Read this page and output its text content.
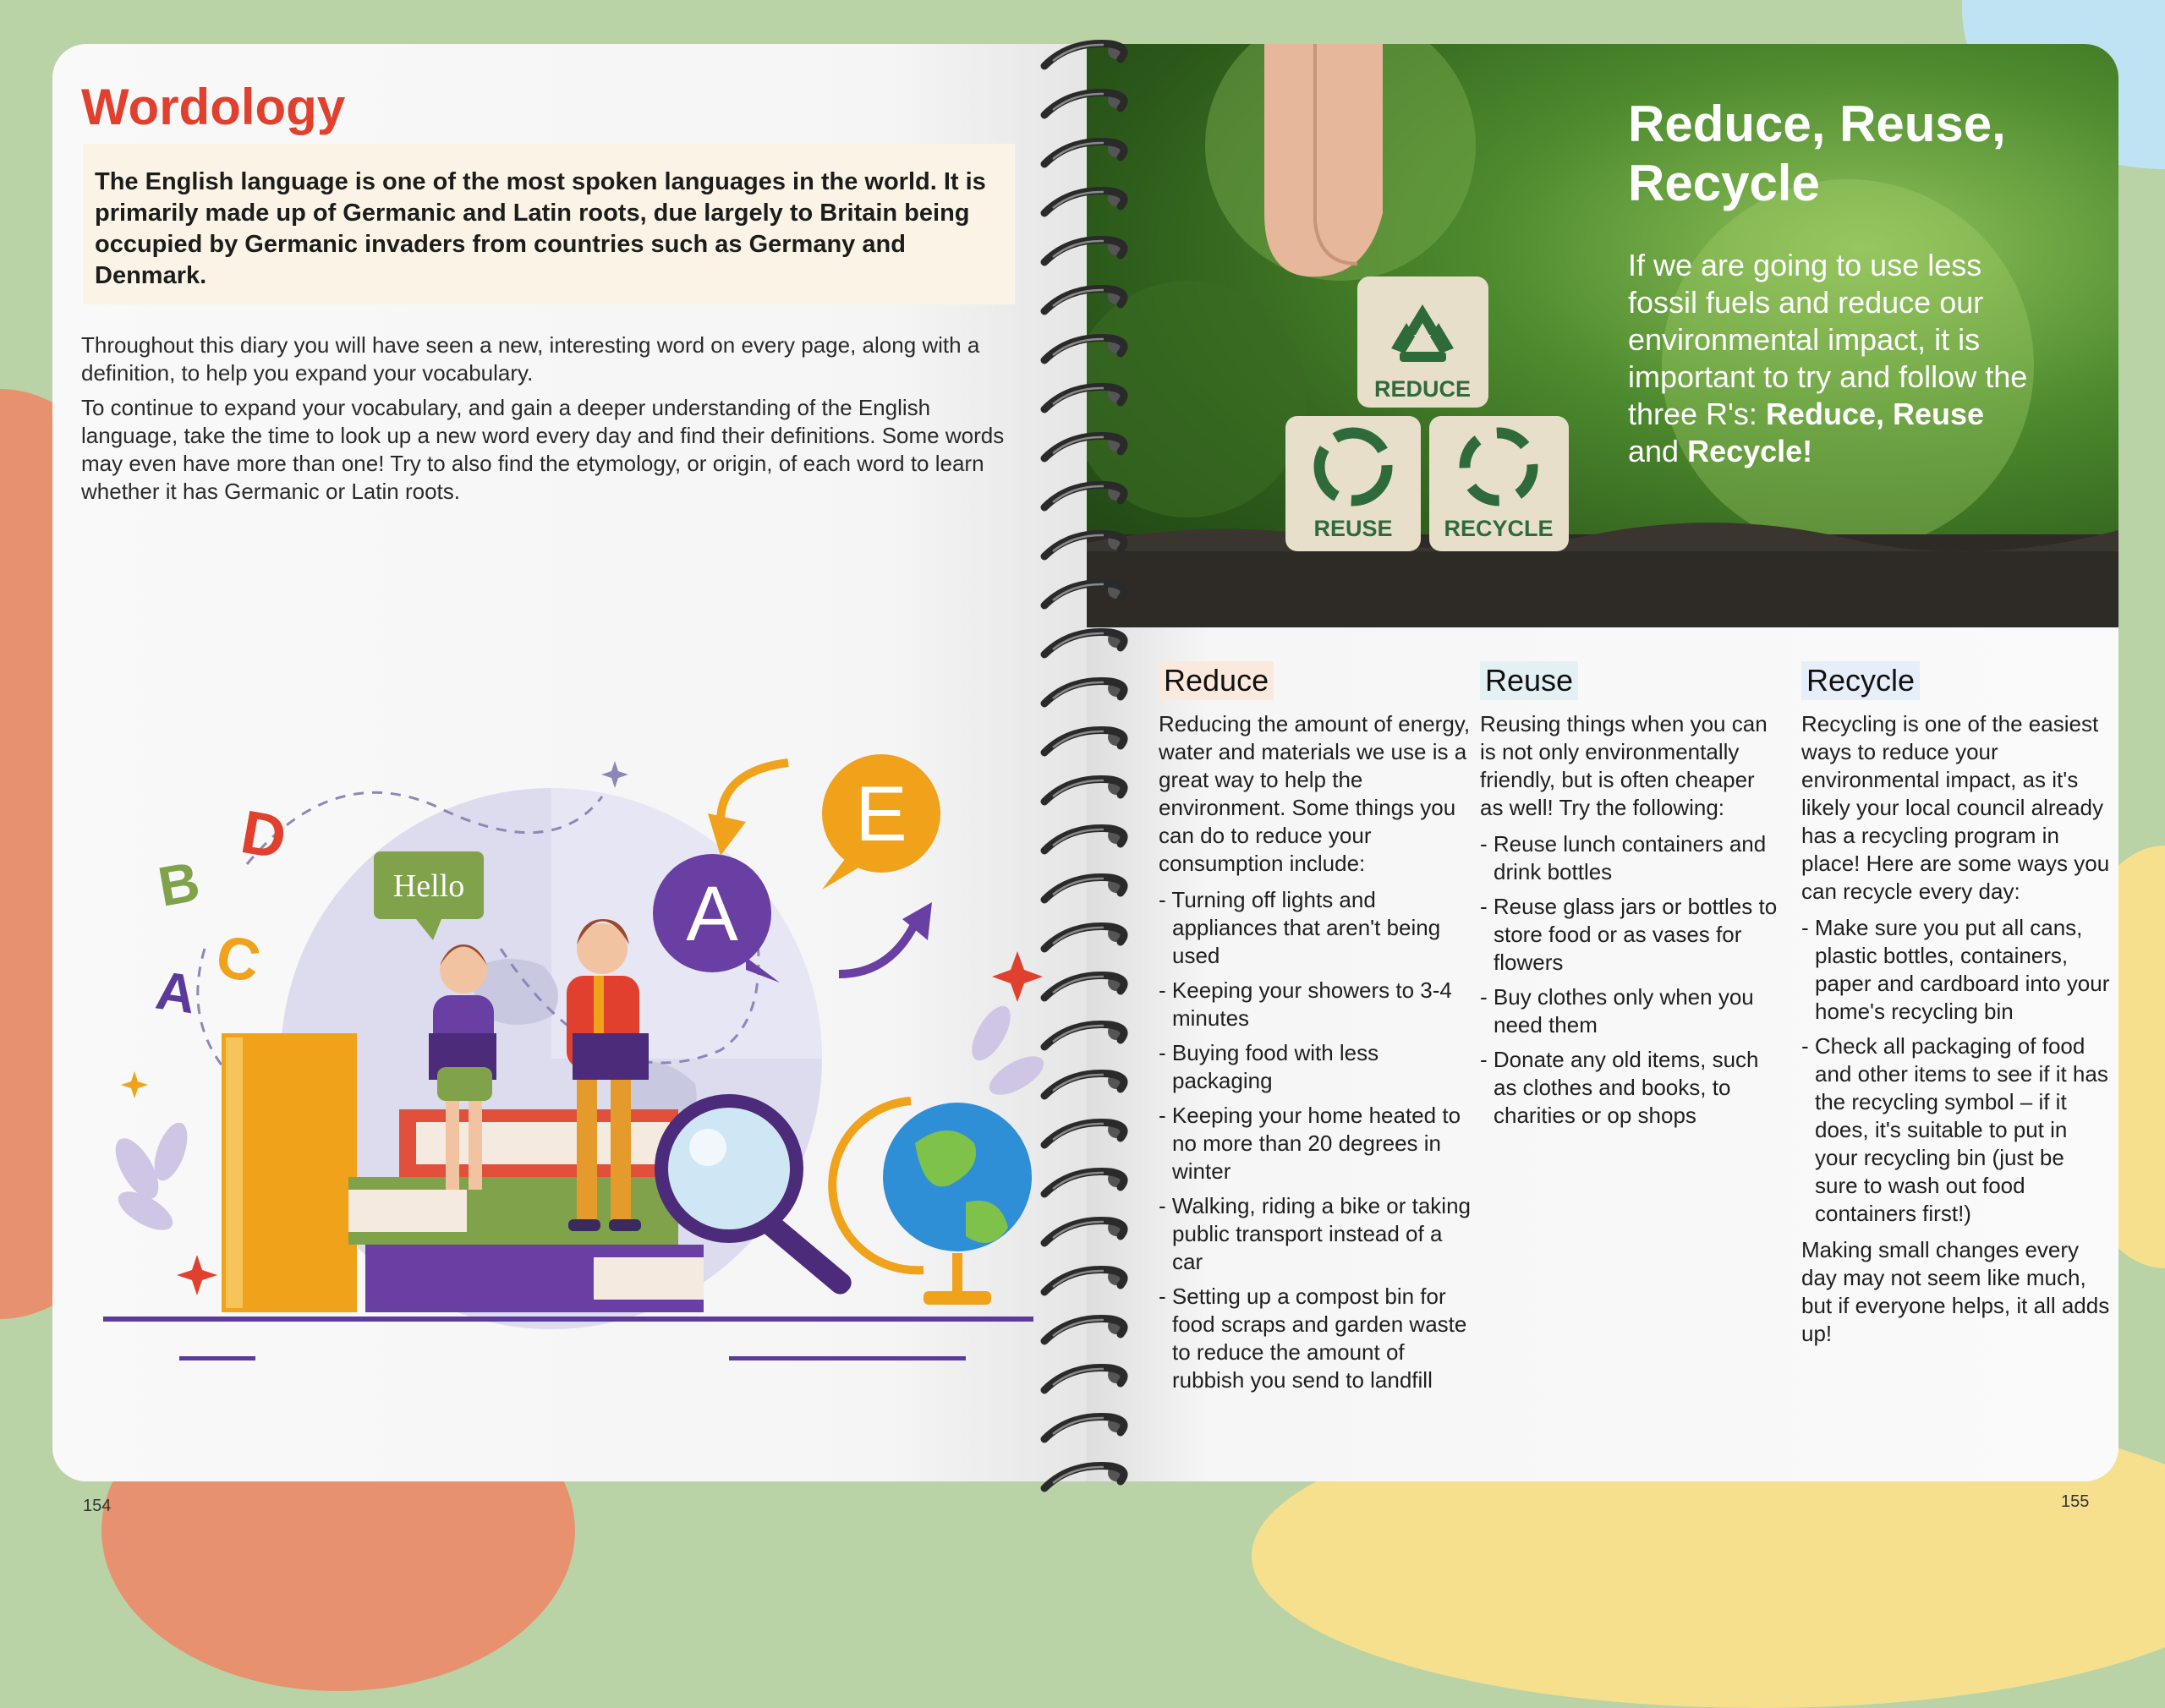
Wordology

The English language is one of the most spoken languages in the world. It is primarily made up of Germanic and Latin roots, due largely to Britain being occupied by Germanic invaders from countries such as Germany and Denmark.

Throughout this diary you will have seen a new, interesting word on every page, along with a definition, to help you expand your vocabulary.

To continue to expand your vocabulary, and gain a deeper understanding of the English language, take the time to look up a new word every day and find their definitions. Some words may even have more than one! Try to also find the etymology, or origin, of each word to learn whether it has Germanic or Latin roots.

D
B
C
A
Hello	A
E
154
REDUCE
REUSE RECYCLE
Reduce, Reuse, Recycle

If we are going to use less fossil fuels and reduce our environmental impact, it is important to try and follow the three R's: Reduce, Reuse and Recycle!

Reduce

Reducing the amount of energy, water and materials we use is a great way to help the environment. Some things you can do to reduce your consumption include:

- Turning off lights and appliances that aren't being used
- Keeping your showers to 3-4 minutes
- Buying food with less packaging
- Keeping your home heated to no more than 20 degrees in winter
- Walking, riding a bike or taking public transport instead of a car
- Setting up a compost bin for food scraps and garden waste to reduce the amount of rubbish you send to landfill
Reuse

Reusing things when you can is not only environmentally friendly, but is often cheaper as well! Try the following:

- Reuse lunch containers and drink bottles
- Reuse glass jars or bottles to store food or as vases for flowers
- Buy clothes only when you need them
- Donate any old items, such as clothes and books, to charities or op shops
Recycle

Recycling is one of the easiest ways to reduce your environmental impact, as it's likely your local council already has a recycling program in place! Here are some ways you can recycle every day:

- Make sure you put all cans, plastic bottles, containers, paper and cardboard into your home's recycling bin
- Check all packaging of food and other items to see if it has the recycling symbol – if it does, it's suitable to put in your recycling bin (just be sure to wash out food containers first!)

Making small changes every day may not seem like much, but if everyone helps, it all adds up!

155
